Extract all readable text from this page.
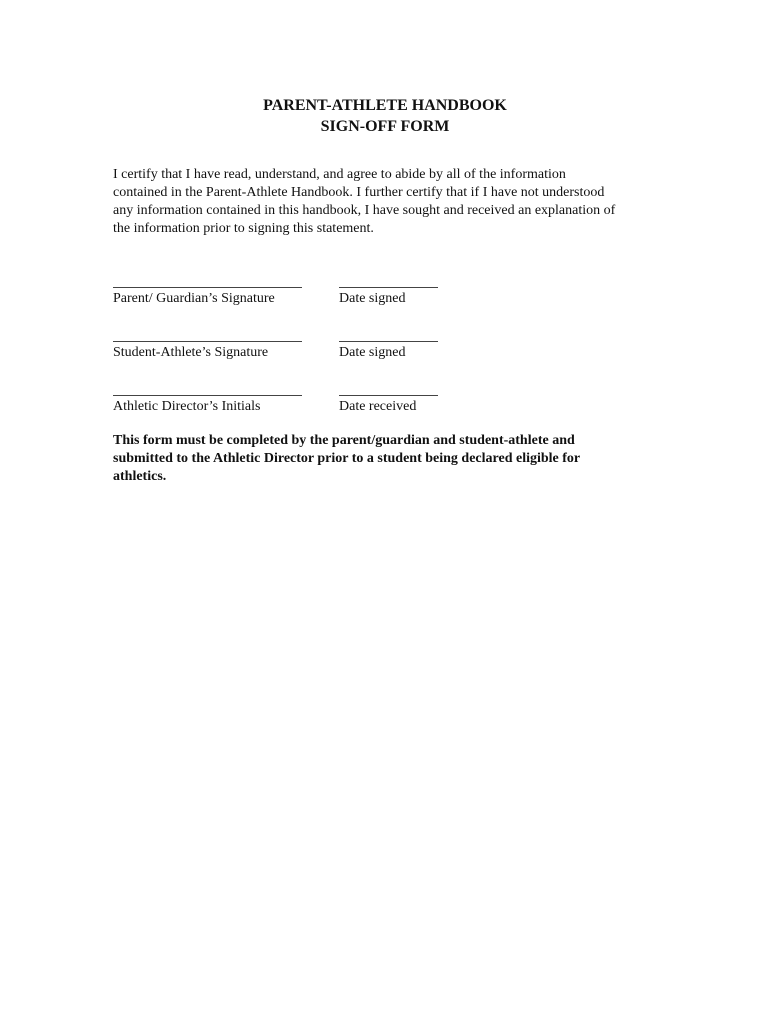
PARENT-ATHLETE HANDBOOK
SIGN-OFF FORM
I certify that I have read, understand, and agree to abide by all of the information
contained in the Parent-Athlete Handbook. I further certify that if I have not understood
any information contained in this handbook, I have sought and received an explanation of
the information prior to signing this statement.
Parent/ Guardian’s Signature	Date signed
Student-Athlete’s Signature	Date signed
Athletic Director’s Initials	Date received
This form must be completed by the parent/guardian and student-athlete and
submitted to the Athletic Director prior to a student being declared eligible for
athletics.
